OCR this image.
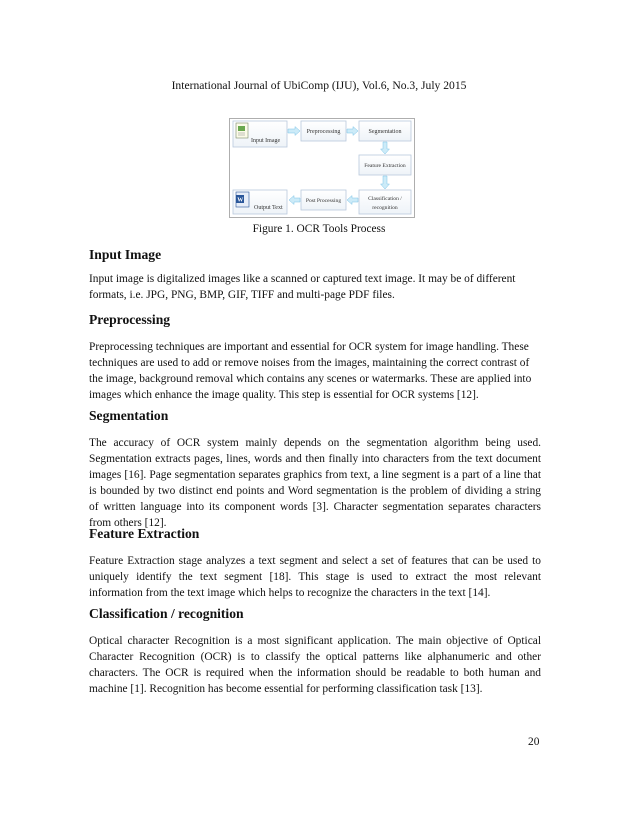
International Journal of UbiComp (IJU), Vol.6, No.3, July 2015
Input Image
Preprocessing	Segmentation
Feature Extraction
Classification /
recognition
Post Processing
W
Output Text
Figure 1. OCR Tools Process
Input Image
Input image is digitalized images like a scanned or captured text image. It may be of different
formats, i.e. JPG, PNG, BMP, GIF, TIFF and multi-page PDF files.
Preprocessing
Preprocessing techniques are important and essential for OCR system for image handling. These
techniques are used to add or remove noises from the images, maintaining the correct contrast of
the image, background removal which contains any scenes or watermarks. These are applied into
images which enhance the image quality. This step is essential for OCR systems [12].
Segmentation
The accuracy of OCR system mainly depends on the segmentation algorithm being used.
Segmentation extracts pages, lines, words and then finally into characters from the text document
images [16]. Page segmentation separates graphics from text, a line segment is a part of a line that
is bounded by two distinct end points and Word segmentation is the problem of dividing a string
of written language into its component words [3]. Character segmentation separates characters
from others [12].
Feature Extraction
Feature Extraction stage analyzes a text segment and select a set of features that can be used to
uniquely identify the text segment [18]. This stage is used to extract the most relevant
information from the text image which helps to recognize the characters in the text [14].
Classification / recognition
Optical character Recognition is a most significant application. The main objective of Optical
Character Recognition (OCR) is to classify the optical patterns like alphanumeric and other
characters. The OCR is required when the information should be readable to both human and
machine [1]. Recognition has become essential for performing classification task [13].
20
